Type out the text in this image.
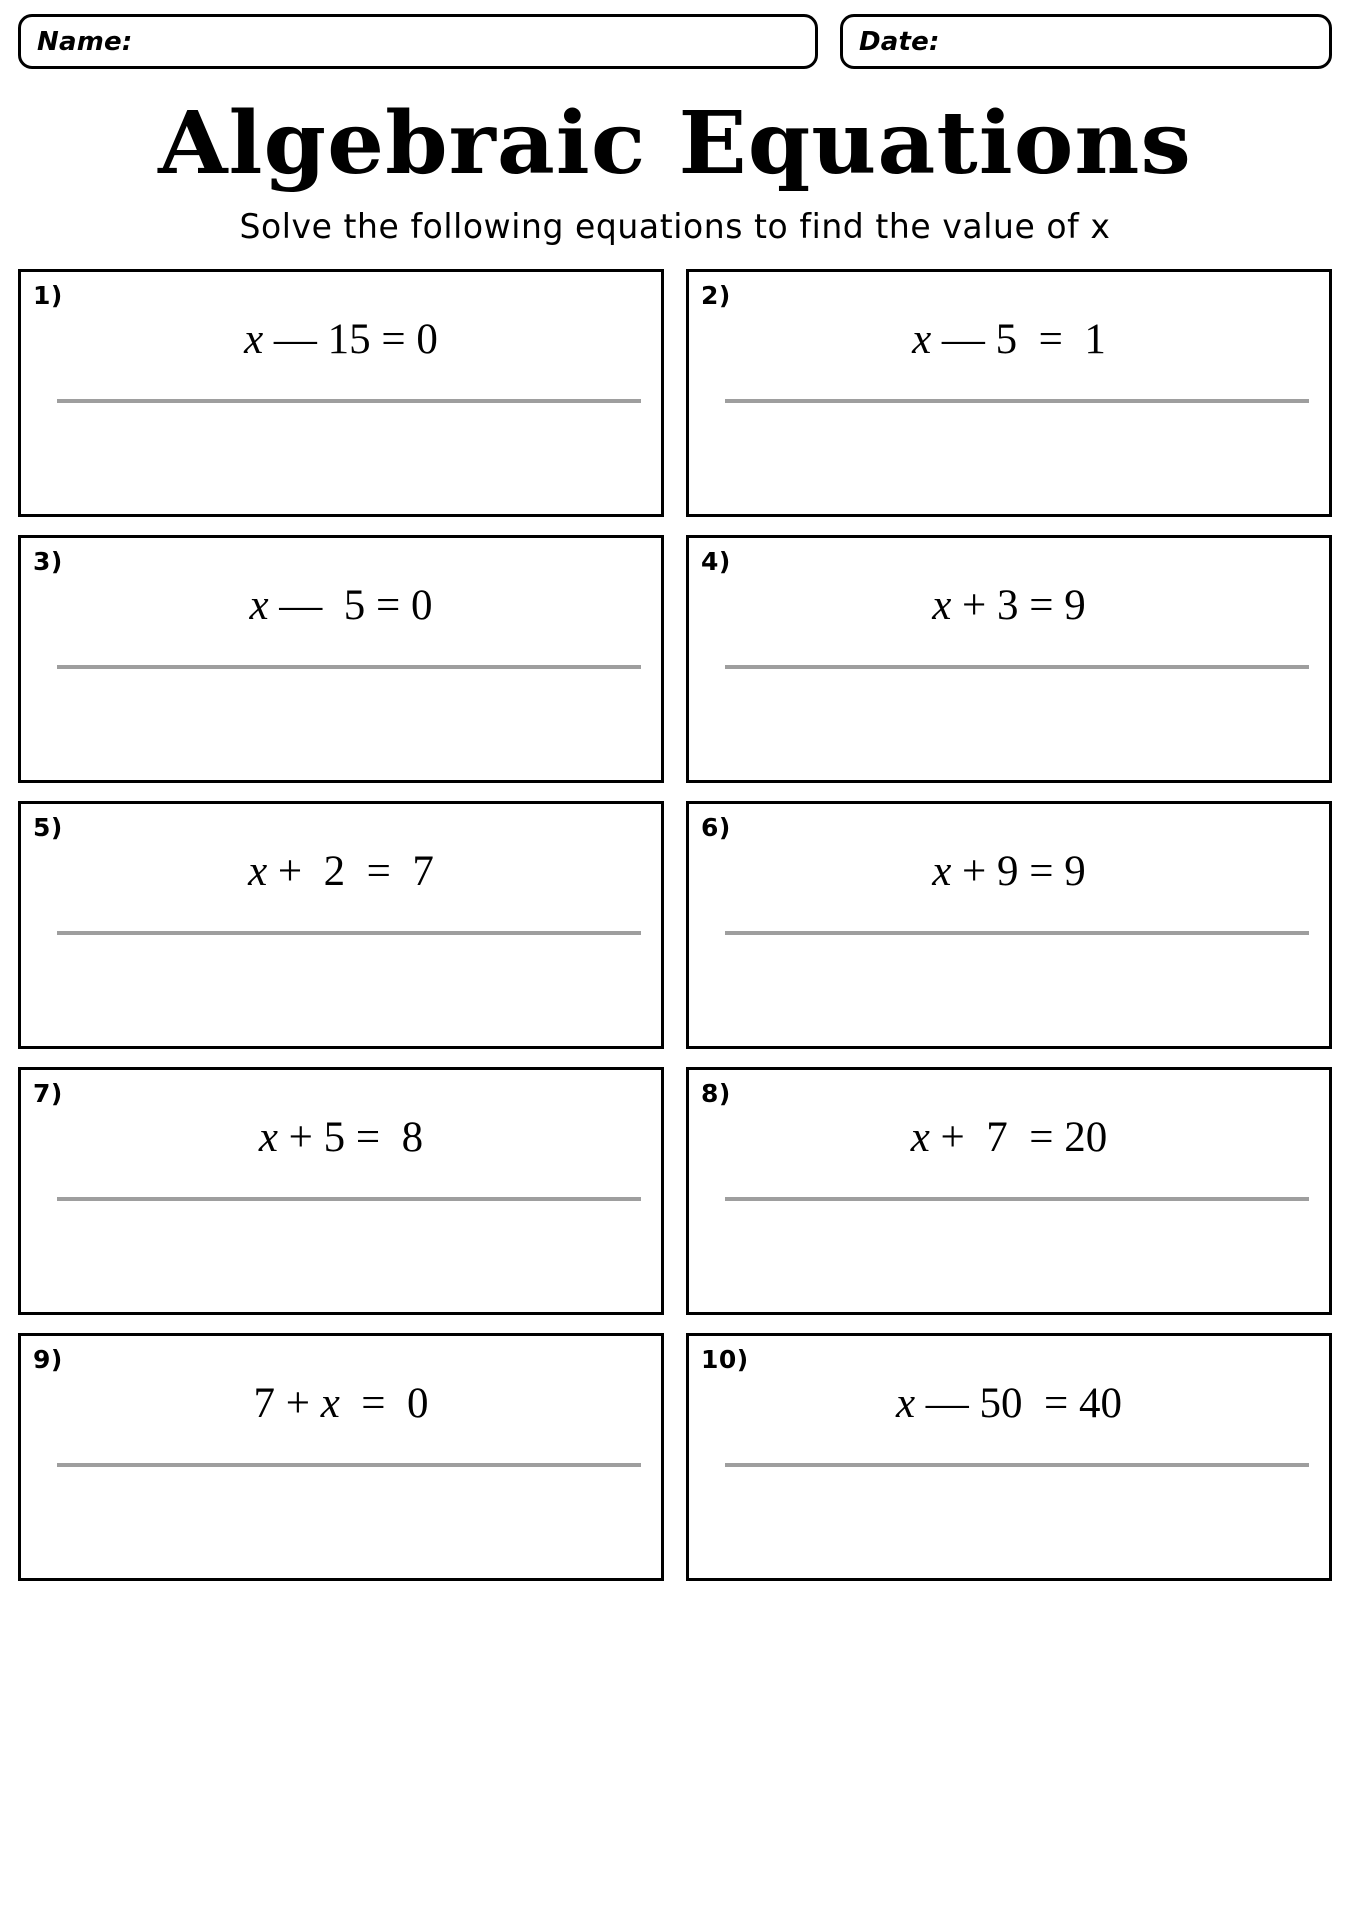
Name:	Date:
Algebraic Equations

Solve the following equations to find the value of x

1)
x — 15 = 0
2)
x — 5  =  1
3)
x —  5 = 0
4)
x + 3 = 9
5)
x +  2  =  7
6)
x + 9 = 9
7)
x + 5 =  8
8)
x +  7  = 20
9)
7 + x  =  0
10)
x — 50  = 40
